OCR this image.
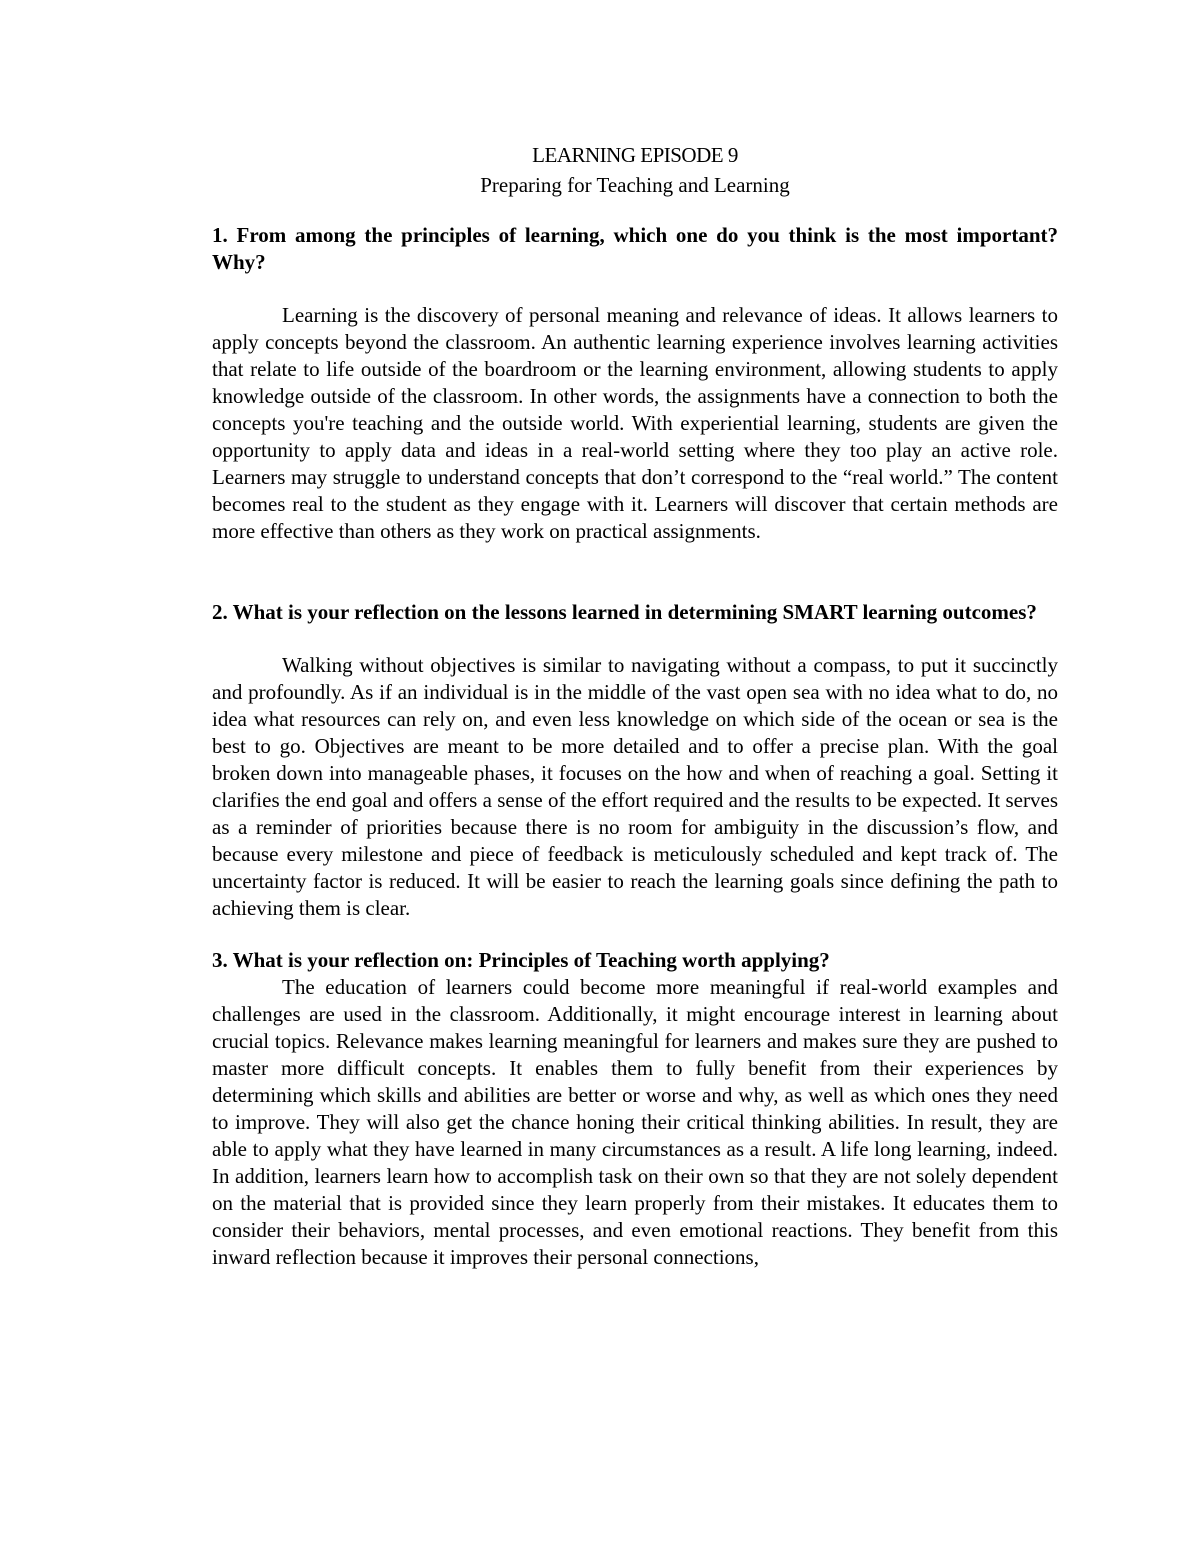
LEARNING EPISODE 9

Preparing for Teaching and Learning

1. From among the principles of learning, which one do you think is the most important? Why?

Learning is the discovery of personal meaning and relevance of ideas. It allows learners to apply concepts beyond the classroom. An authentic learning experience involves learning activities that relate to life outside of the boardroom or the learning environment, allowing students to apply knowledge outside of the classroom. In other words, the assignments have a connection to both the concepts you're teaching and the outside world. With experiential learning, students are given the opportunity to apply data and ideas in a real-world setting where they too play an active role. Learners may struggle to understand concepts that don’t correspond to the “real world.” The content becomes real to the student as they engage with it. Learners will discover that certain methods are more effective than others as they work on practical assignments.

2. What is your reflection on the lessons learned in determining SMART learning outcomes?

Walking without objectives is similar to navigating without a compass, to put it succinctly and profoundly. As if an individual is in the middle of the vast open sea with no idea what to do, no idea what resources can rely on, and even less knowledge on which side of the ocean or sea is the best to go. Objectives are meant to be more detailed and to offer a precise plan. With the goal broken down into manageable phases, it focuses on the how and when of reaching a goal. Setting it clarifies the end goal and offers a sense of the effort required and the results to be expected. It serves as a reminder of priorities because there is no room for ambiguity in the discussion’s flow, and because every milestone and piece of feedback is meticulously scheduled and kept track of. The uncertainty factor is reduced. It will be easier to reach the learning goals since defining the path to achieving them is clear.

3. What is your reflection on: Principles of Teaching worth applying?

The education of learners could become more meaningful if real-world examples and challenges are used in the classroom. Additionally, it might encourage interest in learning about crucial topics. Relevance makes learning meaningful for learners and makes sure they are pushed to master more difficult concepts. It enables them to fully benefit from their experiences by determining which skills and abilities are better or worse and why, as well as which ones they need to improve. They will also get the chance honing their critical thinking abilities. In result, they are able to apply what they have learned in many circumstances as a result. A life long learning, indeed. In addition, learners learn how to accomplish task on their own so that they are not solely dependent on the material that is provided since they learn properly from their mistakes. It educates them to consider their behaviors, mental processes, and even emotional reactions. They benefit from this inward reflection because it improves their personal connections,
